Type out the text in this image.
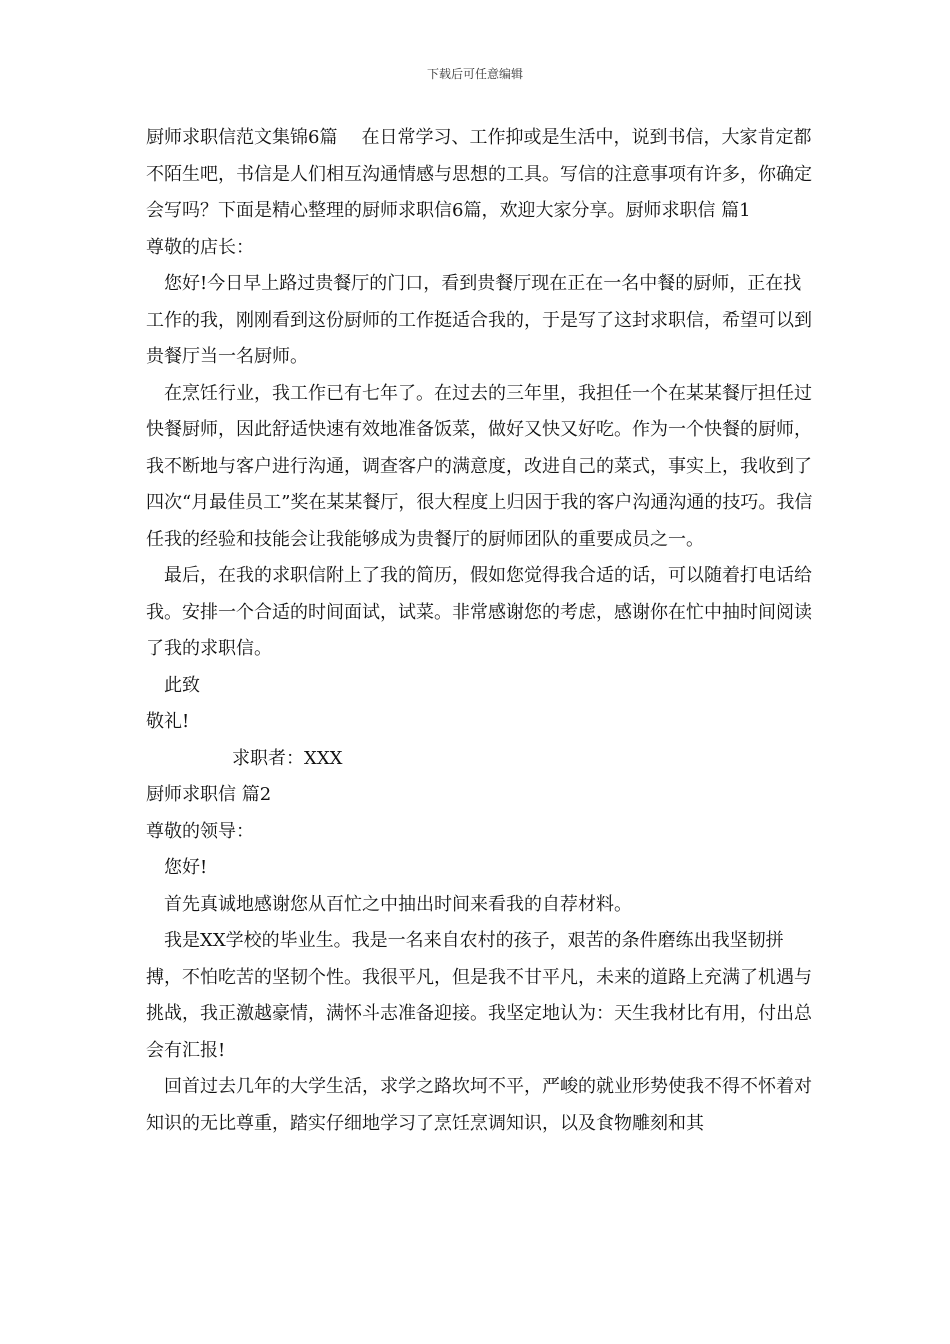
下载后可任意编辑

厨师求职信范文集锦6篇 在日常学习、工作抑或是生活中，说到书信，大家肯定都不陌生吧，书信是人们相互沟通情感与思想的工具。写信的注意事项有许多，你确定会写吗？下面是精心整理的厨师求职信6篇，欢迎大家分享。厨师求职信 篇1

尊敬的店长：

您好!今日早上路过贵餐厅的门口，看到贵餐厅现在正在一名中餐的厨师，正在找工作的我，刚刚看到这份厨师的工作挺适合我的，于是写了这封求职信，希望可以到贵餐厅当一名厨师。

在烹饪行业，我工作已有七年了。在过去的三年里，我担任一个在某某餐厅担任过快餐厨师，因此舒适快速有效地准备饭菜，做好又快又好吃。作为一个快餐的厨师，我不断地与客户进行沟通，调查客户的满意度，改进自己的菜式，事实上，我收到了四次“月最佳员工”奖在某某餐厅，很大程度上归因于我的客户沟通沟通的技巧。我信任我的经验和技能会让我能够成为贵餐厅的厨师团队的重要成员之一。

最后，在我的求职信附上了我的简历，假如您觉得我合适的话，可以随着打电话给我。安排一个合适的时间面试，试菜。非常感谢您的考虑，感谢你在忙中抽时间阅读了我的求职信。

此致

敬礼!

求职者：XXX

厨师求职信 篇2

尊敬的领导：

您好!

首先真诚地感谢您从百忙之中抽出时间来看我的自荐材料。

我是XX学校的毕业生。我是一名来自农村的孩子，艰苦的条件磨练出我坚韧拼搏，不怕吃苦的坚韧个性。我很平凡，但是我不甘平凡，未来的道路上充满了机遇与挑战，我正激越豪情，满怀斗志准备迎接。我坚定地认为：天生我材比有用，付出总会有汇报!

回首过去几年的大学生活，求学之路坎坷不平，严峻的就业形势使我不得不怀着对知识的无比尊重，踏实仔细地学习了烹饪烹调知识，以及食物雕刻和其
